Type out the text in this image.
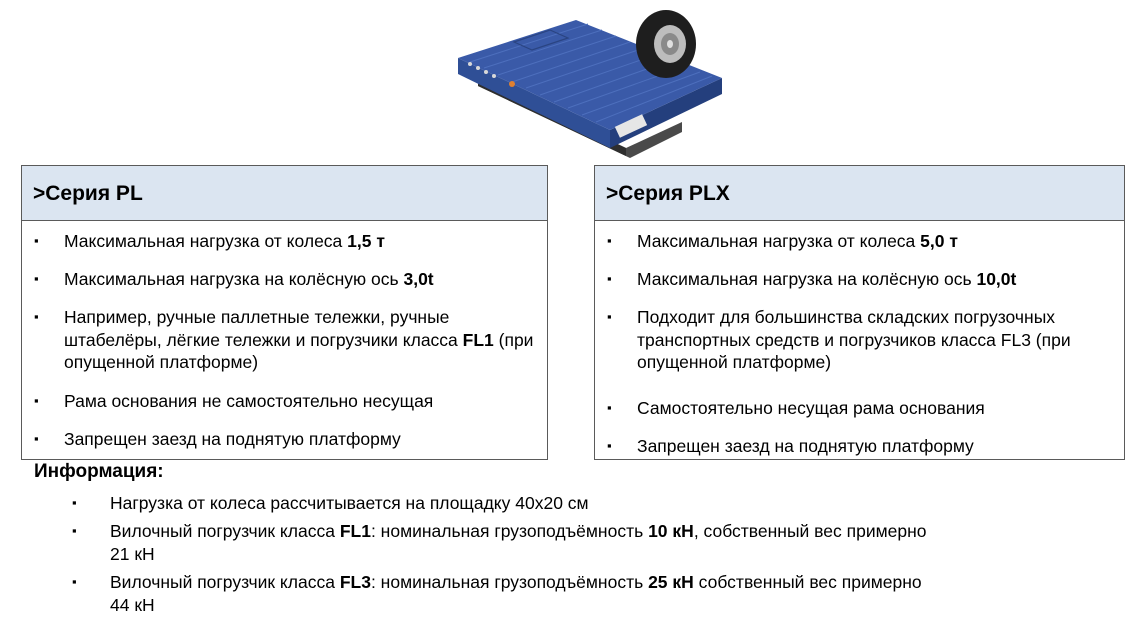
>Серия PL
▪ Максимальная нагрузка от колеса 1,5 т
▪ Максимальная нагрузка на колёсную ось 3,0t
▪ Например, ручные паллетные тележки, ручные штабелёры, лёгкие тележки и погрузчики класса FL1 (при опущенной платформе)
▪ Рама основания не самостоятельно несущая
▪ Запрещен заезд на поднятую платформу
>Серия PLX
▪ Максимальная нагрузка от колеса 5,0 т
▪ Максимальная нагрузка на колёсную ось 10,0t
▪ Подходит для большинства складских погрузочных транспортных средств и погрузчиков класса FL3 (при опущенной платформе)
▪ Самостоятельно несущая рама основания
▪ Запрещен заезд на поднятую платформу
Информация:
▪ Нагрузка от колеса рассчитывается на площадку 40x20 см
▪ Вилочный погрузчик класса FL1: номинальная грузоподъёмность 10 кН, собственный вес примерно 21 кН
▪ Вилочный погрузчик класса FL3: номинальная грузоподъёмность 25 кН собственный вес примерно 44 кН
